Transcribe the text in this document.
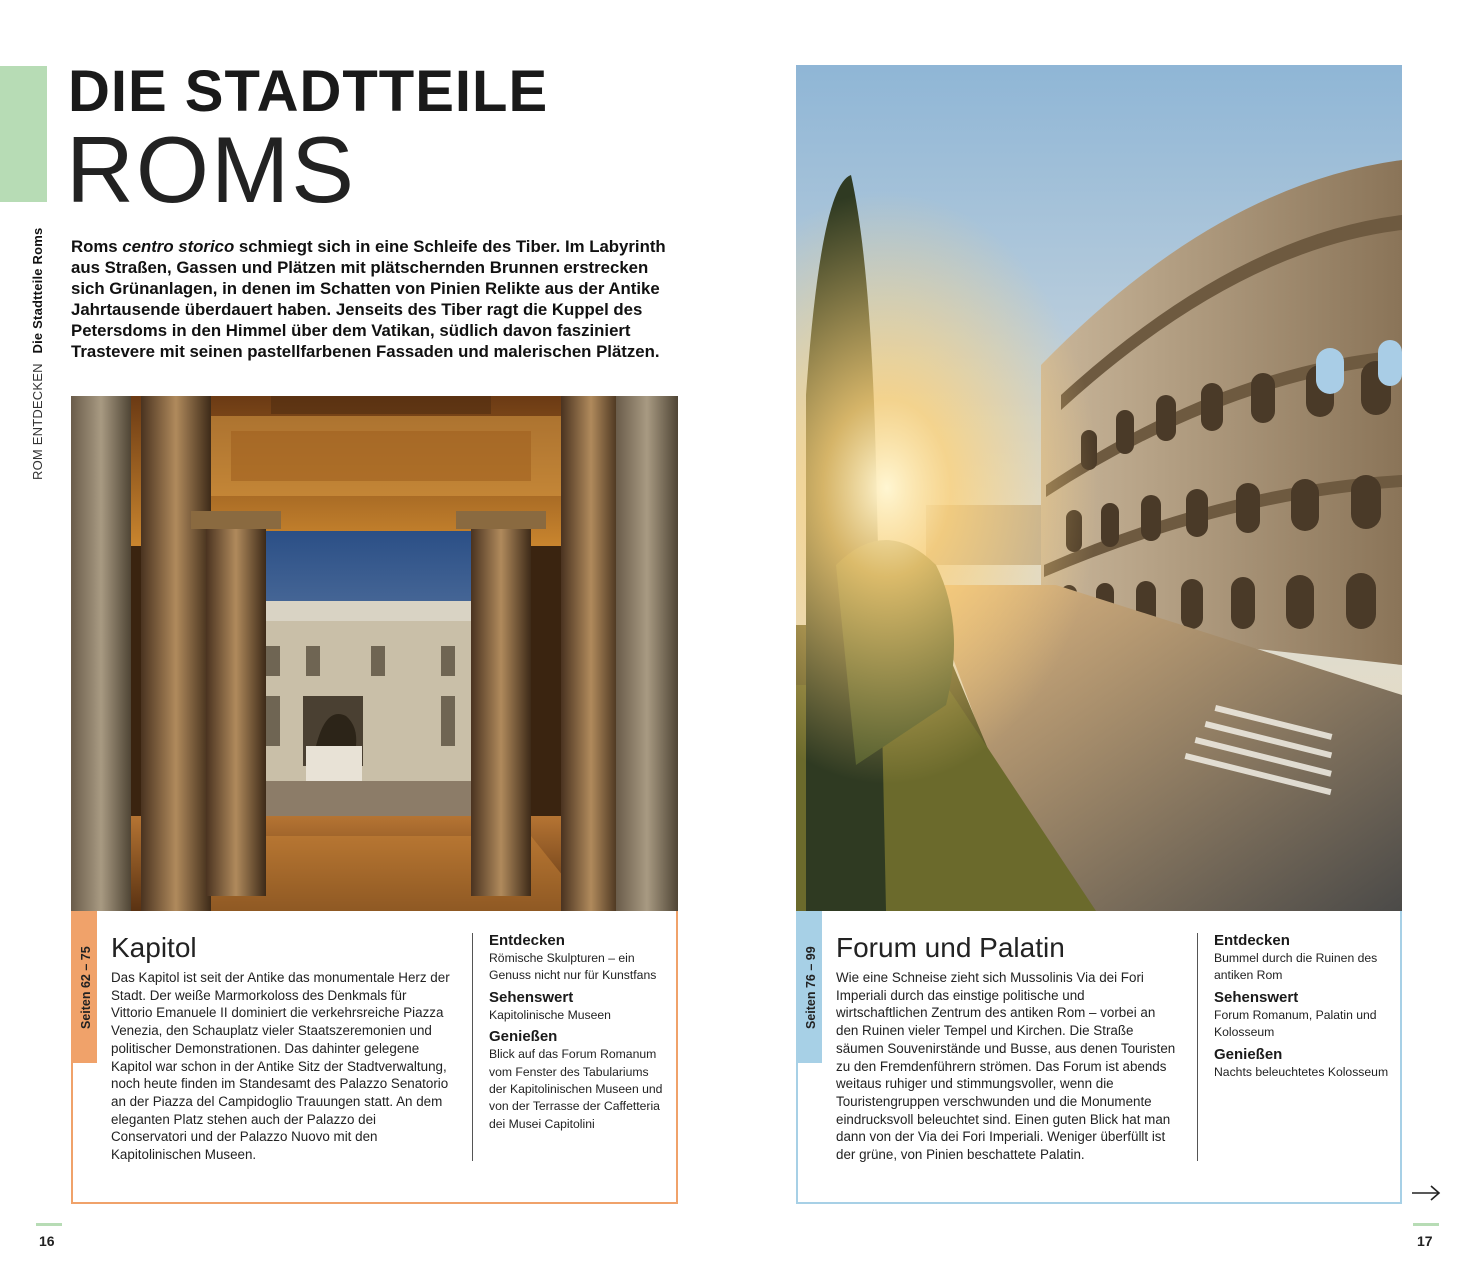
ROM ENTDECKEN Die Stadtteile Roms
DIE STADTTEILE
ROMS

Roms centro storico schmiegt sich in eine Schleife des Tiber. Im Labyrinth aus Straßen, Gassen und Plätzen mit plätschernden Brunnen erstrecken sich Grünanlagen, in denen im Schatten von Pinien Relikte aus der Antike Jahrtausende überdauert haben. Jenseits des Tiber ragt die Kuppel des Petersdoms in den Himmel über dem Vatikan, südlich davon fasziniert Trastevere mit seinen pastellfarbenen Fassaden und malerischen Plätzen.

Seiten 62 – 75 Kapitol
Das Kapitol ist seit der Antike das monumentale Herz der Stadt. Der weiße Marmorkoloss des Denkmals für Vittorio Emanuele II dominiert die verkehrsreiche Piazza Venezia, den Schauplatz vieler Staatszeremonien und politischer Demonstrationen. Das dahinter gelegene Kapitol war schon in der Antike Sitz der Stadtverwaltung, noch heute finden im Standesamt des Palazzo Senatorio an der Piazza del Campidoglio Trauungen statt. An dem eleganten Platz stehen auch der Palazzo dei Conservatori und der Palazzo Nuovo mit den Kapitolinischen Museen.

Entdecken

Römische Skulpturen – ein Genuss nicht nur für Kunstfans

Sehenswert

Kapitolinische Museen

Genießen

Blick auf das Forum Romanum vom Fenster des Tabulariums der Kapitolinischen Museen und von der Terrasse der Caffetteria dei Musei Capitolini

Seiten 76 – 99 Forum und Palatin
Wie eine Schneise zieht sich Mussolinis Via dei Fori Imperiali durch das einstige politische und wirtschaftlichen Zentrum des antiken Rom – vorbei an den Ruinen vieler Tempel und Kirchen. Die Straße säumen Souvenirstände und Busse, aus denen Touristen zu den Fremdenführern strömen. Das Forum ist abends weitaus ruhiger und stimmungsvoller, wenn die Touristengruppen verschwunden und die Monumente eindrucksvoll beleuchtet sind. Einen guten Blick hat man dann von der Via dei Fori Imperiali. Weniger überfüllt ist der grüne, von Pinien beschattete Palatin.

Entdecken

Bummel durch die Ruinen des antiken Rom

Sehenswert

Forum Romanum, Palatin und Kolosseum

Genießen

Nachts beleuchtetes Kolosseum

16	17
